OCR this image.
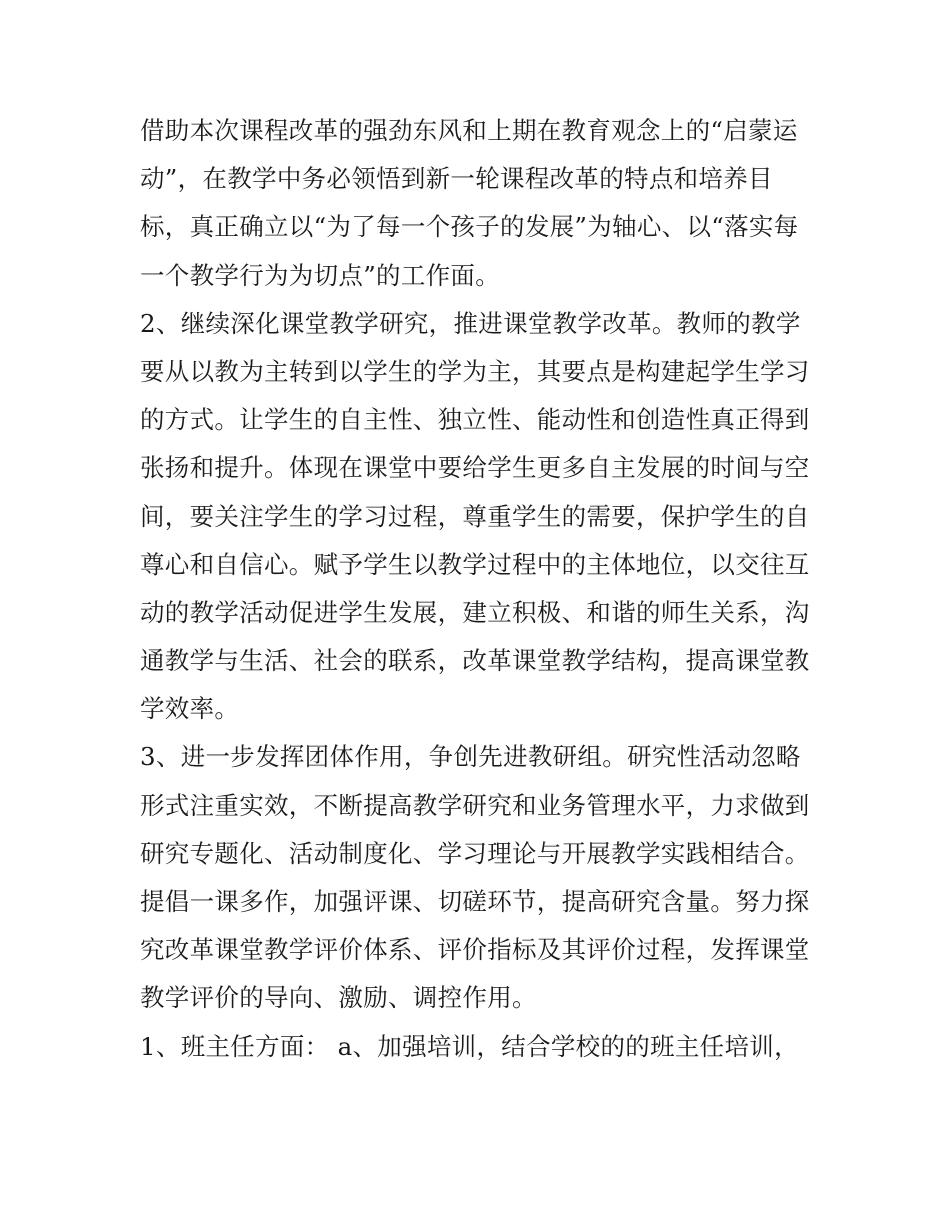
借助本次课程改革的强劲东风和上期在教育观念上的“启蒙运
动”，在教学中务必领悟到新一轮课程改革的特点和培养目
标，真正确立以“为了每一个孩子的发展”为轴心、以“落实每
一个教学行为为切点”的工作面。
2、继续深化课堂教学研究，推进课堂教学改革。教师的教学
要从以教为主转到以学生的学为主，其要点是构建起学生学习
的方式。让学生的自主性、独立性、能动性和创造性真正得到
张扬和提升。体现在课堂中要给学生更多自主发展的时间与空
间，要关注学生的学习过程，尊重学生的需要，保护学生的自
尊心和自信心。赋予学生以教学过程中的主体地位，以交往互
动的教学活动促进学生发展，建立积极、和谐的师生关系，沟
通教学与生活、社会的联系，改革课堂教学结构，提高课堂教
学效率。
3、进一步发挥团体作用，争创先进教研组。研究性活动忽略
形式注重实效，不断提高教学研究和业务管理水平，力求做到
研究专题化、活动制度化、学习理论与开展教学实践相结合。
提倡一课多作，加强评课、切磋环节，提高研究含量。努力探
究改革课堂教学评价体系、评价指标及其评价过程，发挥课堂
教学评价的导向、激励、调控作用。
1、班主任方面： a、加强培训，结合学校的的班主任培训，
